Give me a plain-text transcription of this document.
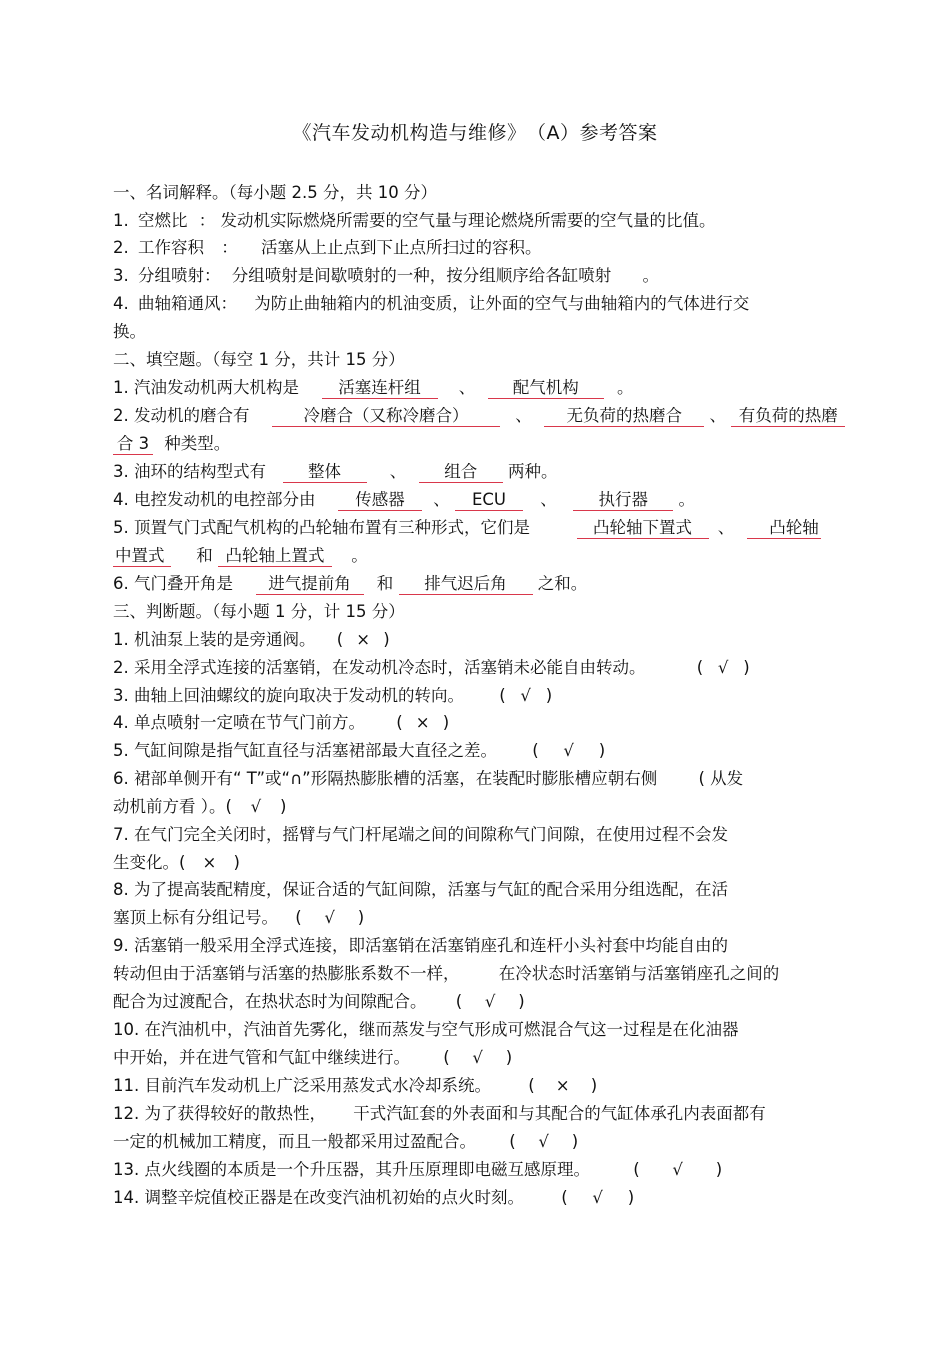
《汽车发动机构造与维修》　（A）参考答案
一、名词解释。（每小题 2.5 分，共 10 分）
1. 空燃比 ： 发动机实际燃烧所需要的空气量与理论燃烧所需要的空气量的比值。
2. 工作容积 ： 活塞从上止点到下止点所扫过的容积。
3. 分组喷射： 分组喷射是间歇喷射的一种，按分组顺序给各缸喷射 。
4. 曲轴箱通风： 为防止曲轴箱内的机油变质，让外面的空气与曲轴箱内的气体进行交
换。
二、填空题。（每空 1 分，共计 15 分）
1. 汽油发动机两大机构是 活塞连杆组 、 配气机构 。
2. 发动机的磨合有	冷磨合（又称冷磨合）	、 无负荷的热磨合 、 有负荷的热磨
合 3 种类型。
3. 油环的结构型式有	整体	、 组合 两种。
4. 电控发动机的电控部分由 传感器 、 ECU 、	执行器 。
5. 顶置气门式配气机构的凸轮轴布置有三种形式，它们是	凸轮轴下置式 、 凸轮轴
中置式 和 凸轮轴上置式 。
6. 气门叠开角是 进气提前角 和 排气迟后角 之和。
三、判断题。（每小题 1 分，计 15 分）
1. 机油泵上装的是旁通阀。 ( × )
2. 采用全浮式连接的活塞销，在发动机冷态时，活塞销未必能自由转动。	( √ )
3. 曲轴上回油螺纹的旋向取决于发动机的转向。 ( √ )
4. 单点喷射一定喷在节气门前方。 ( × )
5. 气缸间隙是指气缸直径与活塞裙部最大直径之差。 ( √ )
6. 裙部单侧开有“ T”或“∩”形隔热膨胀槽的活塞，在装配时膨胀槽应朝右侧	( 从发
动机前方看 ）。( √ )
7. 在气门完全关闭时，摇臂与气门杆尾端之间的间隙称气门间隙，在使用过程不会发
生变化。( × )
8. 为了提高装配精度，保证合适的气缸间隙，活塞与气缸的配合采用分组选配，在活
塞顶上标有分组记号。 ( √ )
9. 活塞销一般采用全浮式连接，即活塞销在活塞销座孔和连杆小头衬套中均能自由的
转动但由于活塞销与活塞的热膨胀系数不一样， 在冷状态时活塞销与活塞销座孔之间的
配合为过渡配合，在热状态时为间隙配合。 ( √ )
10. 在汽油机中，汽油首先雾化，继而蒸发与空气形成可燃混合气这一过程是在化油器
中开始，并在进气管和气缸中继续进行。 ( √ )
11. 目前汽车发动机上广泛采用蒸发式水冷却系统。 ( × )
12. 为了获得较好的散热性， 干式汽缸套的外表面和与其配合的气缸体承孔内表面都有
一定的机械加工精度，而且一般都采用过盈配合。 ( √ )
13. 点火线圈的本质是一个升压器，其升压原理即电磁互感原理。	( √ )
14. 调整辛烷值校正器是在改变汽油机初始的点火时刻。 ( √ )
